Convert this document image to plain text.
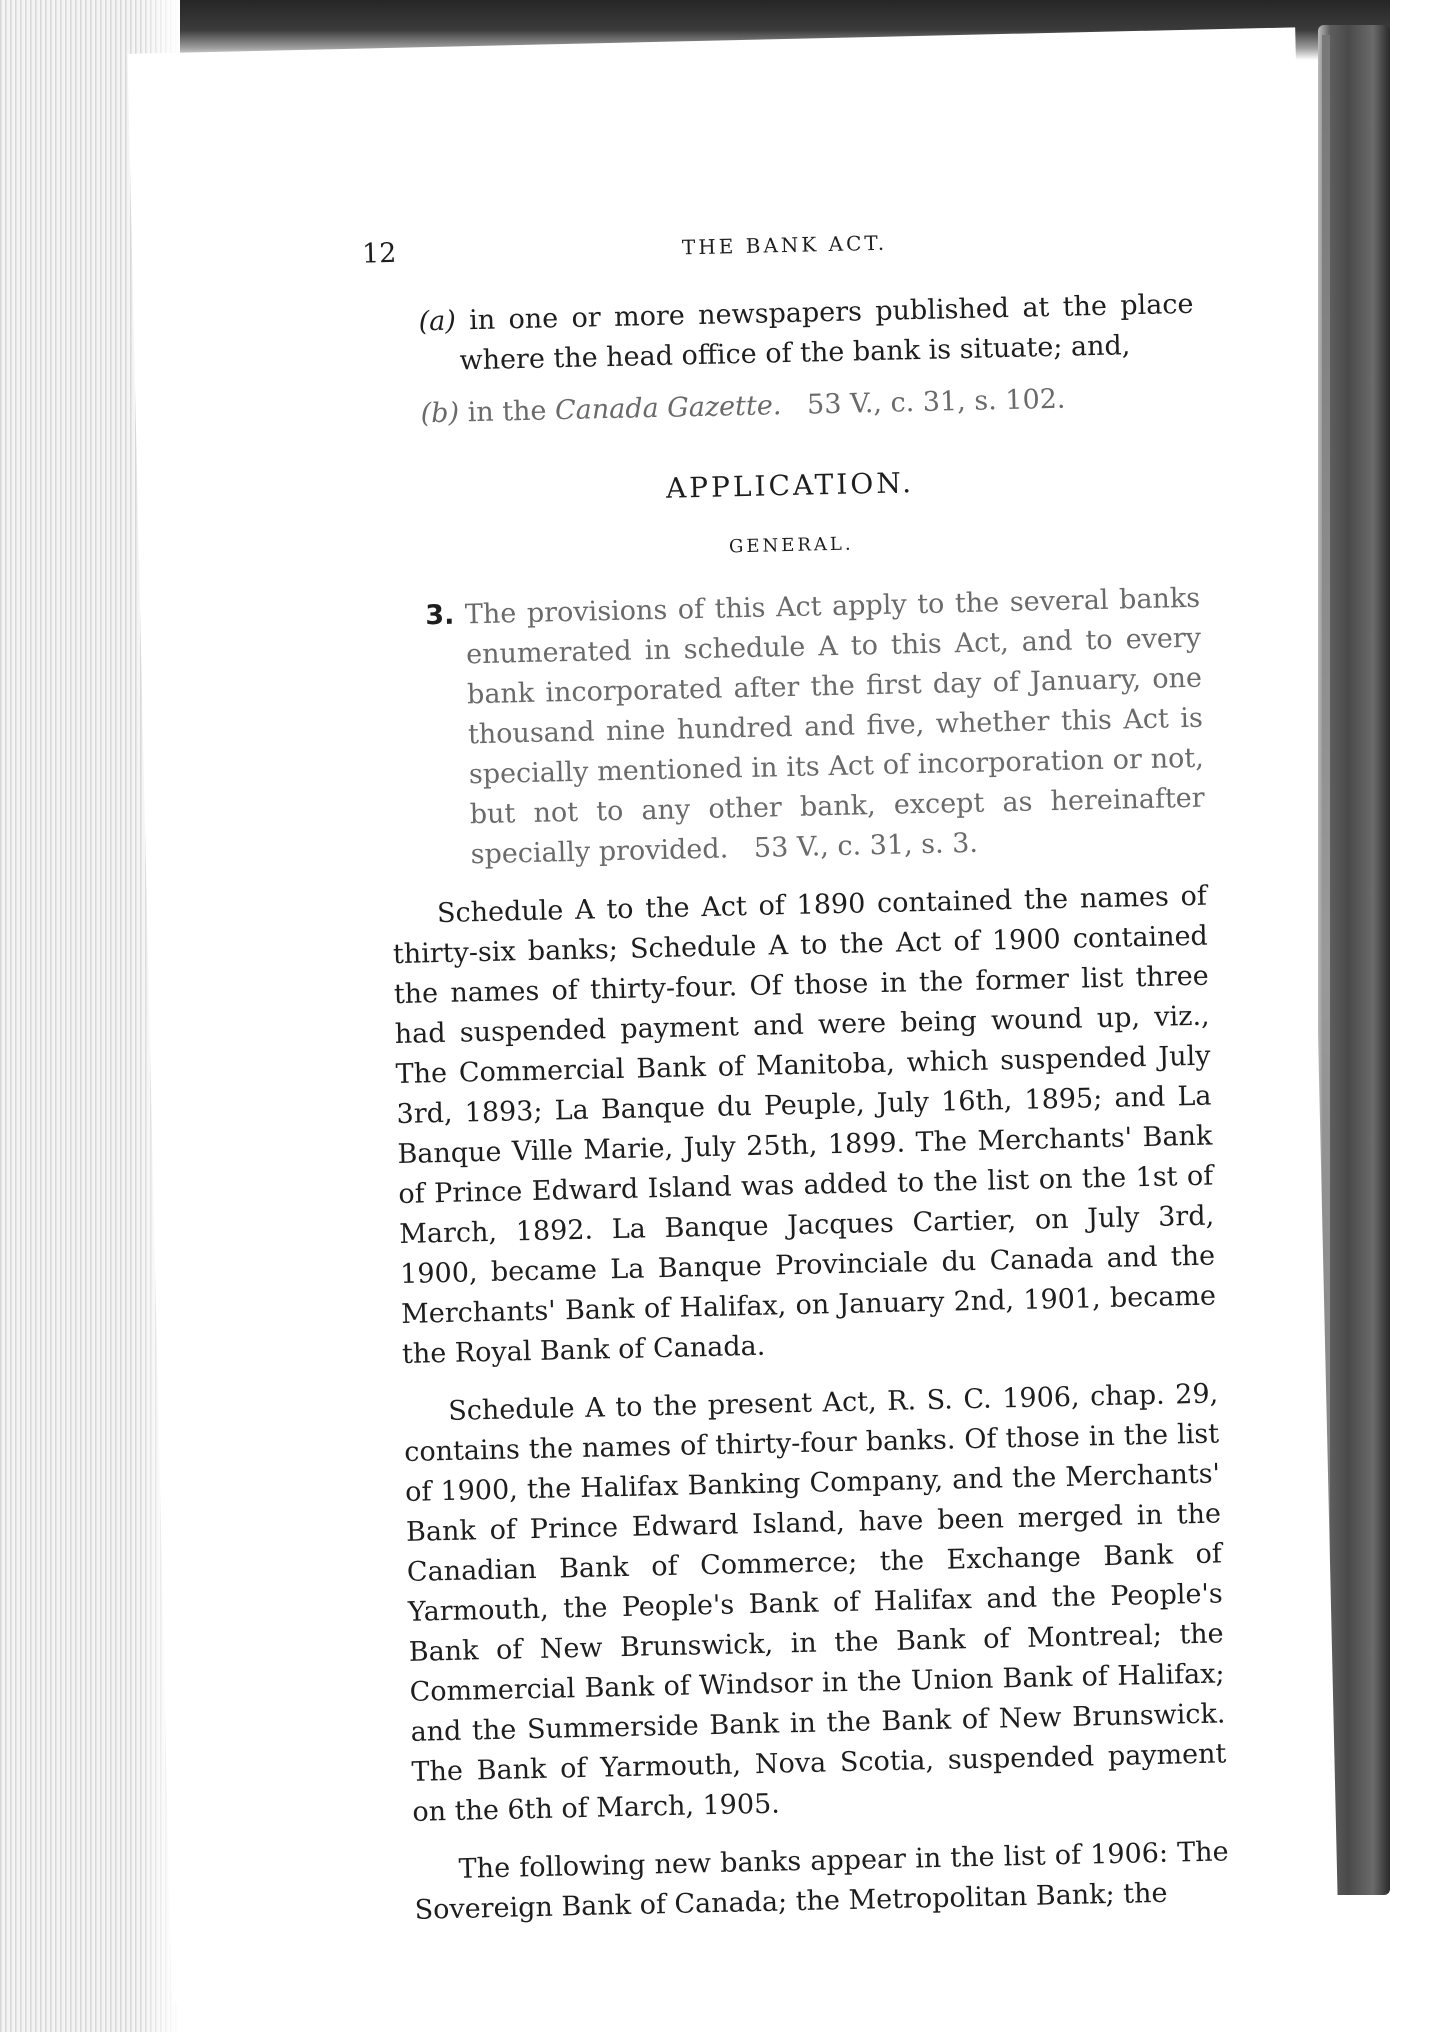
12	THE BANK ACT.

(a) in one or more newspapers published at the place where the head office of the bank is situate; and,

(b) in the Canada Gazette. 53 V., c. 31, s. 102.

APPLICATION.
GENERAL.

3. The provisions of this Act apply to the several banks enumerated in schedule A to this Act, and to every bank incorporated after the first day of January, one thousand nine hundred and five, whether this Act is specially mentioned in its Act of incorporation or not, but not to any other bank, except as hereinafter specially provided. 53 V., c. 31, s. 3.

Schedule A to the Act of 1890 contained the names of thirty-six banks; Schedule A to the Act of 1900 contained the names of thirty-four. Of those in the former list three had suspended payment and were being wound up, viz., The Commercial Bank of Manitoba, which suspended July 3rd, 1893; La Banque du Peuple, July 16th, 1895; and La Banque Ville Marie, July 25th, 1899. The Merchants' Bank of Prince Edward Island was added to the list on the 1st of March, 1892. La Banque Jacques Cartier, on July 3rd, 1900, became La Banque Provinciale du Canada and the Merchants' Bank of Halifax, on January 2nd, 1901, became the Royal Bank of Canada.

Schedule A to the present Act, R. S. C. 1906, chap. 29, contains the names of thirty-four banks. Of those in the list of 1900, the Halifax Banking Company, and the Merchants' Bank of Prince Edward Island, have been merged in the Canadian Bank of Commerce; the Exchange Bank of Yarmouth, the People's Bank of Halifax and the People's Bank of New Brunswick, in the Bank of Montreal; the Commercial Bank of Windsor in the Union Bank of Halifax; and the Summerside Bank in the Bank of New Brunswick. The Bank of Yarmouth, Nova Scotia, suspended payment on the 6th of March, 1905.

The following new banks appear in the list of 1906: The Sovereign Bank of Canada; the Metropolitan Bank; the
